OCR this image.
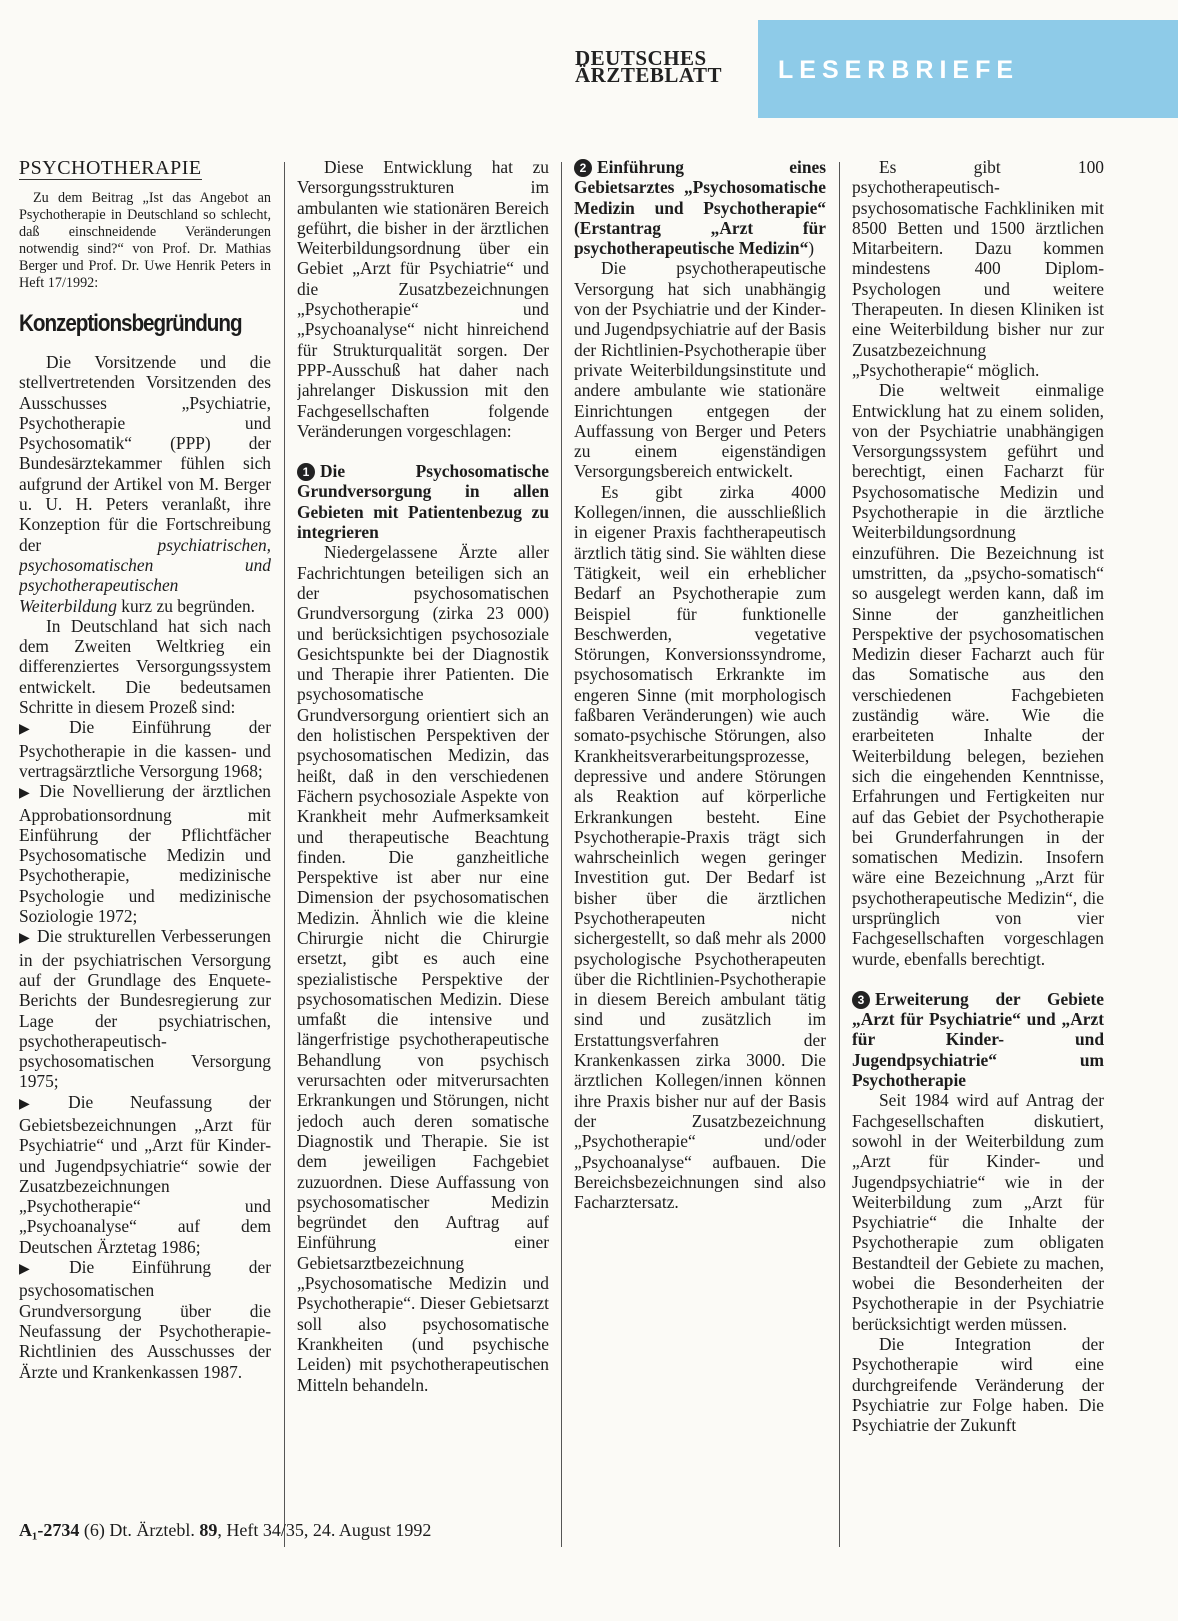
DEUTSCHES
ÄRZTEBLATT	LESERBRIEFE
PSYCHOTHERAPIE

Zu dem Beitrag „Ist das Angebot an Psychotherapie in Deutschland so schlecht, daß einschneidende Veränderungen notwendig sind?“ von Prof. Dr. Mathias Berger und Prof. Dr. Uwe Henrik Peters in Heft 17/1992:

Konzeptionsbegründung

Die Vorsitzende und die stellvertretenden Vorsitzenden des Ausschusses „Psychiatrie, Psychotherapie und Psychosomatik“ (PPP) der Bundesärztekammer fühlen sich aufgrund der Artikel von M. Berger u. U. H. Peters veranlaßt, ihre Konzeption für die Fortschreibung der psychiatrischen, psychosomatischen und psychotherapeutischen Weiterbildung kurz zu begründen.

In Deutschland hat sich nach dem Zweiten Weltkrieg ein differenziertes Versorgungssystem entwickelt. Die bedeutsamen Schritte in diesem Prozeß sind:

▶ Die Einführung der Psychotherapie in die kassen- und vertragsärztliche Versorgung 1968;

▶ Die Novellierung der ärztlichen Approbationsordnung mit Einführung der Pflichtfächer Psychosomatische Medizin und Psychotherapie, medizinische Psychologie und medizinische Soziologie 1972;

▶ Die strukturellen Verbesserungen in der psychiatrischen Versorgung auf der Grundlage des Enquete-Berichts der Bundesregierung zur Lage der psychiatrischen, psychotherapeutisch-psychosomatischen Versorgung 1975;

▶ Die Neufassung der Gebietsbezeichnungen „Arzt für Psychiatrie“ und „Arzt für Kinder- und Jugendpsychiatrie“ sowie der Zusatzbezeichnungen „Psychotherapie“ und „Psychoanalyse“ auf dem Deutschen Ärztetag 1986;

▶ Die Einführung der psychosomatischen Grundversorgung über die Neufassung der Psychotherapie-Richtlinien des Ausschusses der Ärzte und Krankenkassen 1987.

Diese Entwicklung hat zu Versorgungsstrukturen im ambulanten wie stationären Bereich geführt, die bisher in der ärztlichen Weiterbildungsordnung über ein Gebiet „Arzt für Psychiatrie“ und die Zusatzbezeichnungen „Psychotherapie“ und „Psychoanalyse“ nicht hinreichend für Strukturqualität sorgen. Der PPP-Ausschuß hat daher nach jahrelanger Diskussion mit den Fachgesellschaften folgende Veränderungen vorgeschlagen:

1 Die Psychosomatische Grundversorgung in allen Gebieten mit Patientenbezug zu integrieren

Niedergelassene Ärzte aller Fachrichtungen beteiligen sich an der psychosomatischen Grundversorgung (zirka 23 000) und berücksichtigen psychosoziale Gesichtspunkte bei der Diagnostik und Therapie ihrer Patienten. Die psychosomatische Grundversorgung orientiert sich an den holistischen Perspektiven der psychosomatischen Medizin, das heißt, daß in den verschiedenen Fächern psychosoziale Aspekte von Krankheit mehr Aufmerksamkeit und therapeutische Beachtung finden. Die ganzheitliche Perspektive ist aber nur eine Dimension der psychosomatischen Medizin. Ähnlich wie die kleine Chirurgie nicht die Chirurgie ersetzt, gibt es auch eine spezialistische Perspektive der psychosomatischen Medizin. Diese umfaßt die intensive und längerfristige psychotherapeutische Behandlung von psychisch verursachten oder mitverursachten Erkrankungen und Störungen, nicht jedoch auch deren somatische Diagnostik und Therapie. Sie ist dem jeweiligen Fachgebiet zuzuordnen. Diese Auffassung von psychosomatischer Medizin begründet den Auftrag auf Einführung einer Gebietsarztbezeichnung „Psychosomatische Medizin und Psychotherapie“. Dieser Gebietsarzt soll also psychosomatische Krankheiten (und psychische Leiden) mit psychotherapeutischen Mitteln behandeln.

2 Einführung eines Gebietsarztes „Psychosomatische Medizin und Psychotherapie“ (Erstantrag „Arzt für psychotherapeutische Medizin“)

Die psychotherapeutische Versorgung hat sich unabhängig von der Psychiatrie und der Kinder- und Jugendpsychiatrie auf der Basis der Richtlinien-Psychotherapie über private Weiterbildungsinstitute und andere ambulante wie stationäre Einrichtungen entgegen der Auffassung von Berger und Peters zu einem eigenständigen Versorgungsbereich entwickelt.

Es gibt zirka 4000 Kollegen/innen, die ausschließlich in eigener Praxis fachtherapeutisch ärztlich tätig sind. Sie wählten diese Tätigkeit, weil ein erheblicher Bedarf an Psychotherapie zum Beispiel für funktionelle Beschwerden, vegetative Störungen, Konversionssyndrome, psychosomatisch Erkrankte im engeren Sinne (mit morphologisch faßbaren Veränderungen) wie auch somato-psychische Störungen, also Krankheitsverarbeitungsprozesse, depressive und andere Störungen als Reaktion auf körperliche Erkrankungen besteht. Eine Psychotherapie-Praxis trägt sich wahrscheinlich wegen geringer Investition gut. Der Bedarf ist bisher über die ärztlichen Psychotherapeuten nicht sichergestellt, so daß mehr als 2000 psychologische Psychotherapeuten über die Richtlinien-Psychotherapie in diesem Bereich ambulant tätig sind und zusätzlich im Erstattungsverfahren der Krankenkassen zirka 3000. Die ärztlichen Kollegen/innen können ihre Praxis bisher nur auf der Basis der Zusatzbezeichnung „Psychotherapie“ und/oder „Psychoanalyse“ aufbauen. Die Bereichsbezeichnungen sind also Facharztersatz.

Es gibt 100 psychotherapeutisch-psychosomatische Fachkliniken mit 8500 Betten und 1500 ärztlichen Mitarbeitern. Dazu kommen mindestens 400 Diplom-Psychologen und weitere Therapeuten. In diesen Kliniken ist eine Weiterbildung bisher nur zur Zusatzbezeichnung „Psychotherapie“ möglich.

Die weltweit einmalige Entwicklung hat zu einem soliden, von der Psychiatrie unabhängigen Versorgungssystem geführt und berechtigt, einen Facharzt für Psychosomatische Medizin und Psychotherapie in die ärztliche Weiterbildungsordnung einzuführen. Die Bezeichnung ist umstritten, da „psycho-somatisch“ so ausgelegt werden kann, daß im Sinne der ganzheitlichen Perspektive der psychosomatischen Medizin dieser Facharzt auch für das Somatische aus den verschiedenen Fachgebieten zuständig wäre. Wie die erarbeiteten Inhalte der Weiterbildung belegen, beziehen sich die eingehenden Kenntnisse, Erfahrungen und Fertigkeiten nur auf das Gebiet der Psychotherapie bei Grunderfahrungen in der somatischen Medizin. Insofern wäre eine Bezeichnung „Arzt für psychotherapeutische Medizin“, die ursprünglich von vier Fachgesellschaften vorgeschlagen wurde, ebenfalls berechtigt.

3 Erweiterung der Gebiete „Arzt für Psychiatrie“ und „Arzt für Kinder- und Jugendpsychiatrie“ um Psychotherapie

Seit 1984 wird auf Antrag der Fachgesellschaften diskutiert, sowohl in der Weiterbildung zum „Arzt für Kinder- und Jugendpsychiatrie“ wie in der Weiterbildung zum „Arzt für Psychiatrie“ die Inhalte der Psychotherapie zum obligaten Bestandteil der Gebiete zu machen, wobei die Besonderheiten der Psychotherapie in der Psychiatrie berücksichtigt werden müssen.

Die Integration der Psychotherapie wird eine durchgreifende Veränderung der Psychiatrie zur Folge haben. Die Psychiatrie der Zukunft

A₁-2734 (6) Dt. Ärztebl. 89, Heft 34/35, 24. August 1992
